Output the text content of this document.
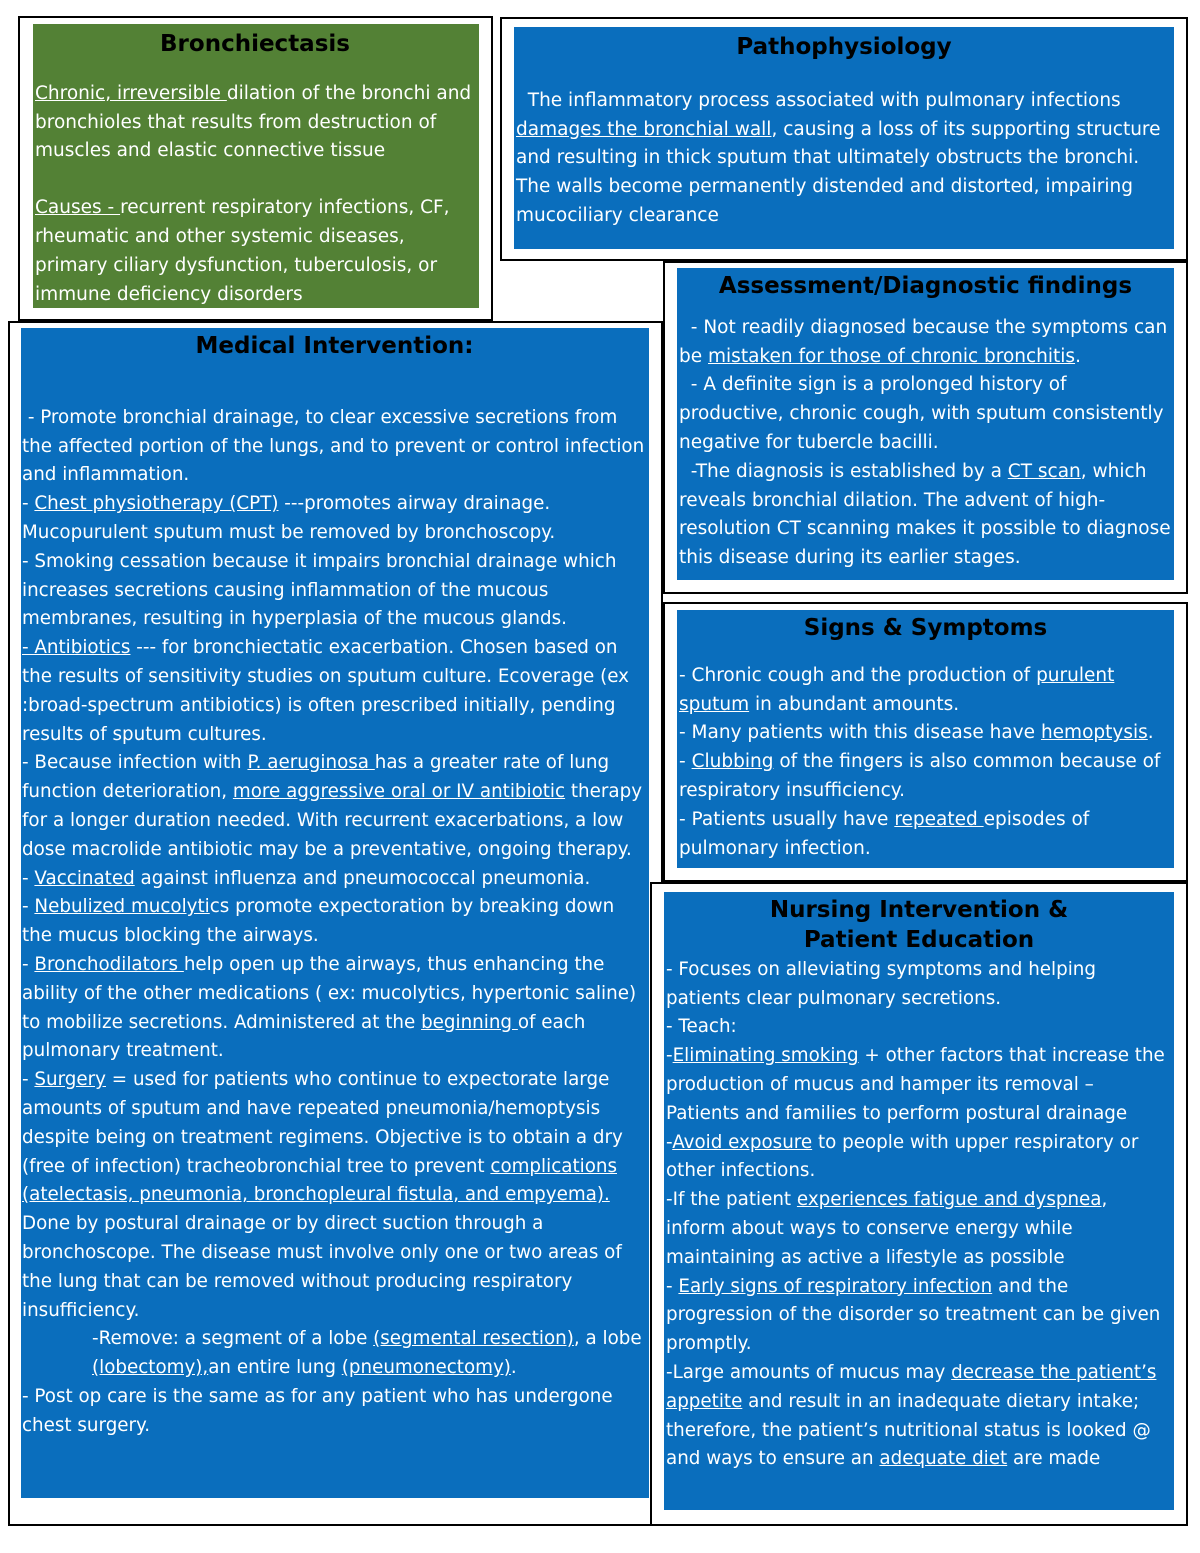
Bronchiectasis

Chronic, irreversible dilation of the bronchi and bronchioles that results from destruction of muscles and elastic connective tissue

Causes - recurrent respiratory infections, CF, rheumatic and other systemic diseases, primary ciliary dysfunction, tuberculosis, or immune deficiency disorders

Pathophysiology

The inflammatory process associated with pulmonary infections damages the bronchial wall, causing a loss of its supporting structure and resulting in thick sputum that ultimately obstructs the bronchi. The walls become permanently distended and distorted, impairing mucociliary clearance

Assessment/Diagnostic findings

- Not readily diagnosed because the symptoms can be mistaken for those of chronic bronchitis.

- A definite sign is a prolonged history of productive, chronic cough, with sputum consistently negative for tubercle bacilli.

-The diagnosis is established by a CT scan, which reveals bronchial dilation. The advent of high-resolution CT scanning makes it possible to diagnose this disease during its earlier stages.

Signs & Symptoms

- Chronic cough and the production of purulent sputum in abundant amounts.

- Many patients with this disease have hemoptysis.

- Clubbing of the fingers is also common because of respiratory insufficiency.

- Patients usually have repeated episodes of pulmonary infection.

Medical Intervention:

- Promote bronchial drainage, to clear excessive secretions from the affected portion of the lungs, and to prevent or control infection and inflammation.

- Chest physiotherapy (CPT) ---promotes airway drainage. Mucopurulent sputum must be removed by bronchoscopy.

- Smoking cessation because it impairs bronchial drainage which increases secretions causing inflammation of the mucous membranes, resulting in hyperplasia of the mucous glands.

- Antibiotics --- for bronchiectatic exacerbation. Chosen based on the results of sensitivity studies on sputum culture. Ecoverage (ex :broad-spectrum antibiotics) is often prescribed initially, pending results of sputum cultures.

- Because infection with P. aeruginosa has a greater rate of lung function deterioration, more aggressive oral or IV antibiotic therapy for a longer duration needed. With recurrent exacerbations, a low dose macrolide antibiotic may be a preventative, ongoing therapy.

- Vaccinated against influenza and pneumococcal pneumonia.

- Nebulized mucolytics promote expectoration by breaking down the mucus blocking the airways.

- Bronchodilators help open up the airways, thus enhancing the ability of the other medications ( ex: mucolytics, hypertonic saline) to mobilize secretions. Administered at the beginning of each pulmonary treatment.

- Surgery = used for patients who continue to expectorate large amounts of sputum and have repeated pneumonia/hemoptysis despite being on treatment regimens. Objective is to obtain a dry (free of infection) tracheobronchial tree to prevent complications (atelectasis, pneumonia, bronchopleural fistula, and empyema). Done by postural drainage or by direct suction through a bronchoscope. The disease must involve only one or two areas of the lung that can be removed without producing respiratory insufficiency.

-Remove: a segment of a lobe (segmental resection), a lobe (lobectomy),an entire lung (pneumonectomy).

- Post op care is the same as for any patient who has undergone chest surgery.

Nursing Intervention &
Patient Education

- Focuses on alleviating symptoms and helping patients clear pulmonary secretions.

- Teach:

-Eliminating smoking + other factors that increase the production of mucus and hamper its removal – Patients and families to perform postural drainage

-Avoid exposure to people with upper respiratory or other infections.

-If the patient experiences fatigue and dyspnea, inform about ways to conserve energy while maintaining as active a lifestyle as possible

- Early signs of respiratory infection and the progression of the disorder so treatment can be given promptly.

-Large amounts of mucus may decrease the patient’s appetite and result in an inadequate dietary intake; therefore, the patient’s nutritional status is looked @ and ways to ensure an adequate diet are made
